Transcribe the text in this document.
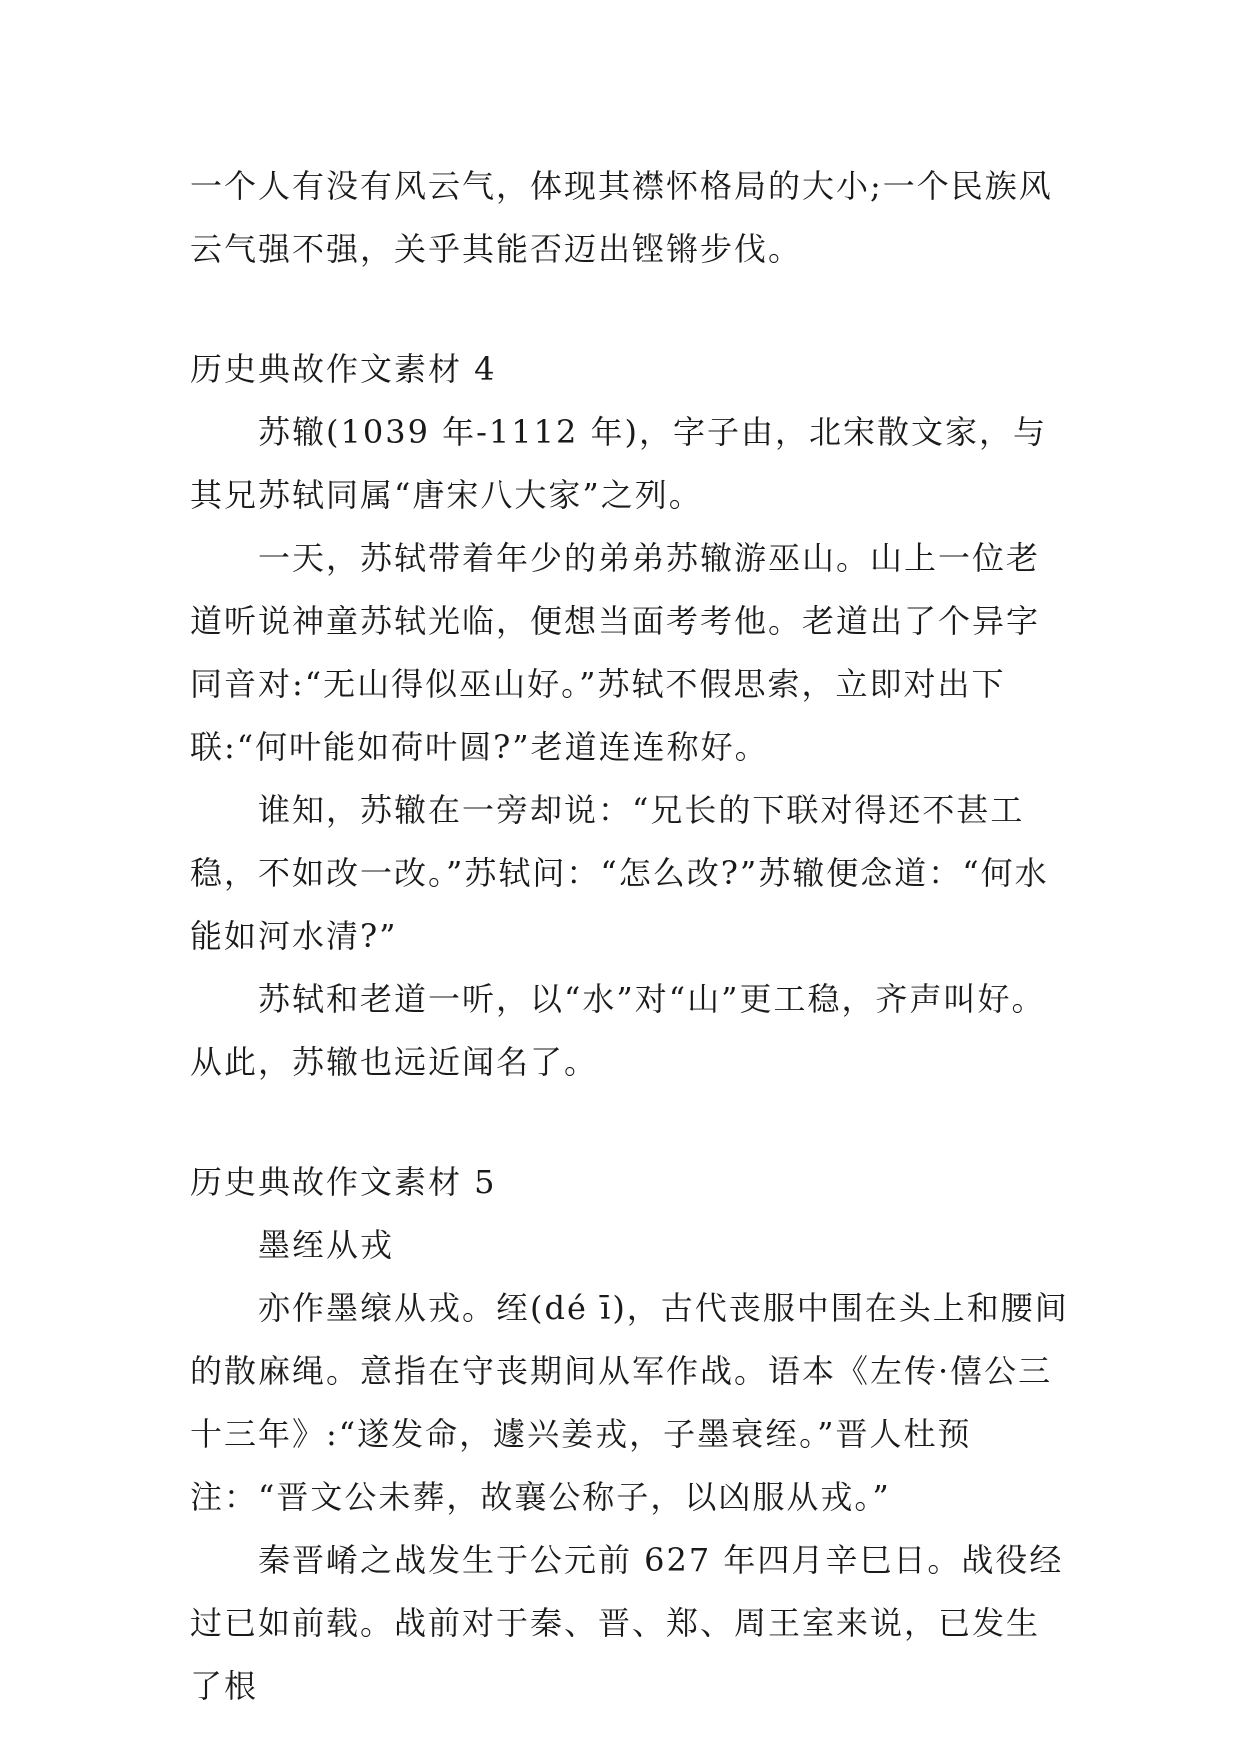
一个人有没有风云气，体现其襟怀格局的大小;一个民族风云气强不强，关乎其能否迈出铿锵步伐。

历史典故作文素材 4

苏辙(1039 年-1112 年)，字子由，北宋散文家，与其兄苏轼同属“唐宋八大家”之列。

一天，苏轼带着年少的弟弟苏辙游巫山。山上一位老道听说神童苏轼光临，便想当面考考他。老道出了个异字同音对:“无山得似巫山好。”苏轼不假思索，立即对出下联:“何叶能如荷叶圆?”老道连连称好。

谁知，苏辙在一旁却说：“兄长的下联对得还不甚工稳，不如改一改。”苏轼问：“怎么改?”苏辙便念道：“何水能如河水清?”

苏轼和老道一听，以“水”对“山”更工稳，齐声叫好。从此，苏辙也远近闻名了。

历史典故作文素材 5

墨绖从戎

亦作墨缞从戎。绖(dé ī)，古代丧服中围在头上和腰间的散麻绳。意指在守丧期间从军作战。语本《左传·僖公三十三年》:“遂发命，遽兴姜戎，子墨衰绖。”晋人杜预注：“晋文公未葬，故襄公称子，以凶服从戎。”

秦晋崤之战发生于公元前 627 年四月辛巳日。战役经过已如前载。战前对于秦、晋、郑、周王室来说，已发生了根
